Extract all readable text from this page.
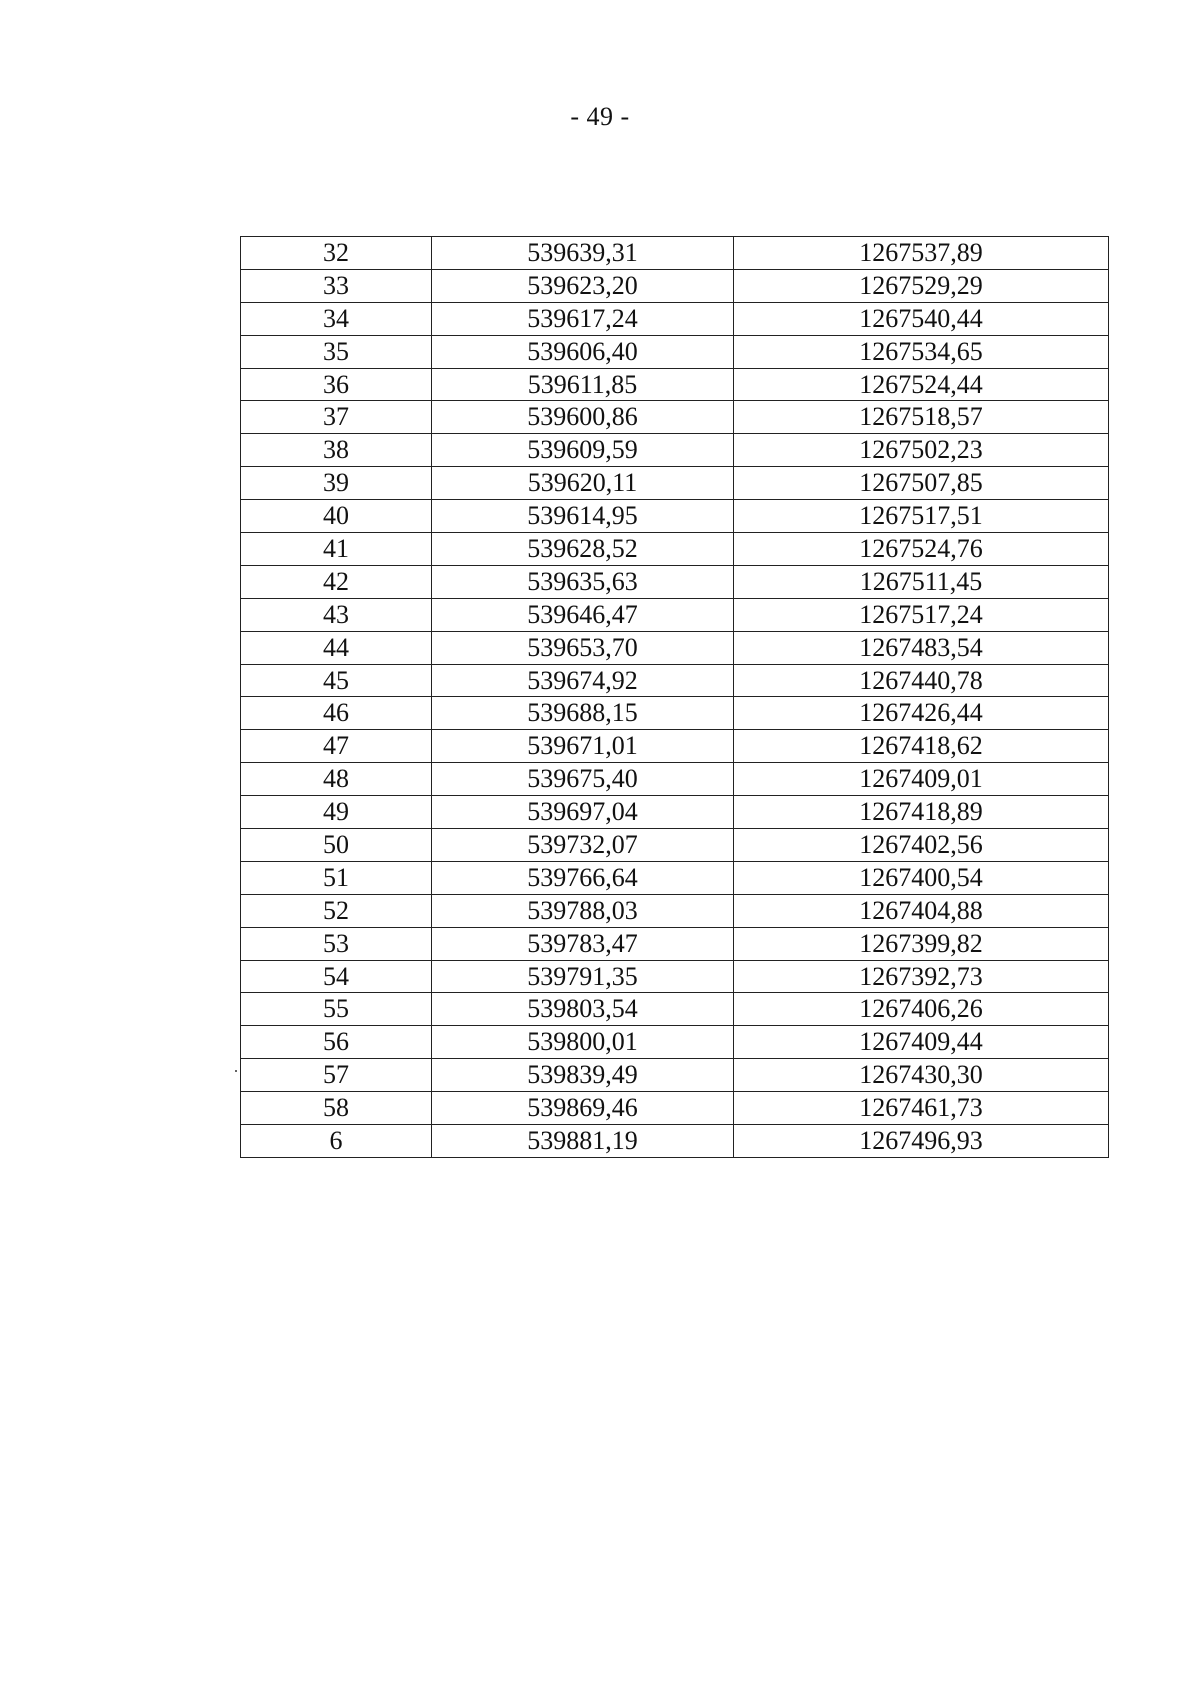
- 49 -
32	539639,31	1267537,89
33	539623,20	1267529,29
34	539617,24	1267540,44
35	539606,40	1267534,65
36	539611,85	1267524,44
37	539600,86	1267518,57
38	539609,59	1267502,23
39	539620,11	1267507,85
40	539614,95	1267517,51
41	539628,52	1267524,76
42	539635,63	1267511,45
43	539646,47	1267517,24
44	539653,70	1267483,54
45	539674,92	1267440,78
46	539688,15	1267426,44
47	539671,01	1267418,62
48	539675,40	1267409,01
49	539697,04	1267418,89
50	539732,07	1267402,56
51	539766,64	1267400,54
52	539788,03	1267404,88
53	539783,47	1267399,82
54	539791,35	1267392,73
55	539803,54	1267406,26
56	539800,01	1267409,44
57	539839,49	1267430,30
58	539869,46	1267461,73
6	539881,19	1267496,93
